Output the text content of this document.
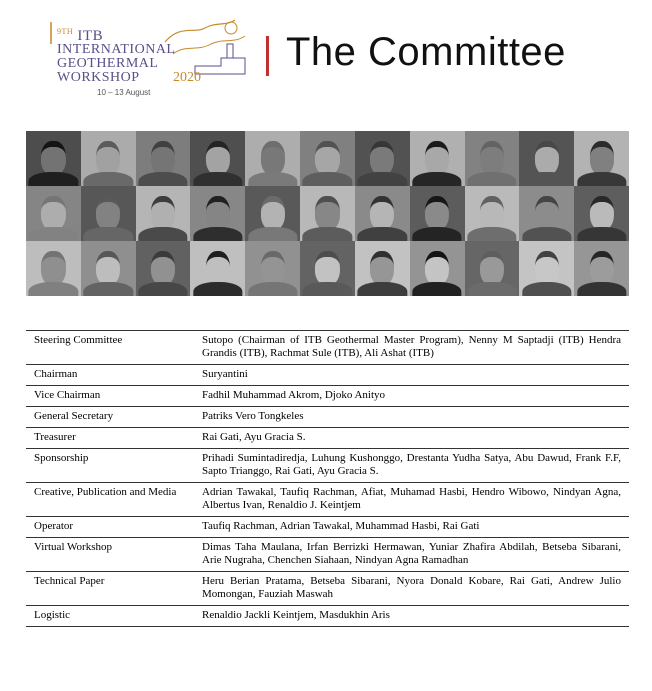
$^{9TH}$ ITB
INTERNATIONAL
GEOTHERMAL
WORKSHOP 2020
10 – 13 August
The Committee
Steering Committee	Sutopo (Chairman of ITB Geothermal Master Program), Nenny M Saptadji (ITB) Hendra Grandis (ITB), Rachmat Sule (ITB), Ali Ashat (ITB)
Chairman	Suryantini
Vice Chairman	Fadhil Muhammad Akrom, Djoko Anityo
General Secretary	Patriks Vero Tongkeles
Treasurer	Rai Gati, Ayu Gracia S.
Sponsorship	Prihadi Sumintadiredja, Luhung Kushonggo, Drestanta Yudha Satya, Abu Dawud, Frank F.F, Sapto Trianggo, Rai Gati, Ayu Gracia S.
Creative, Publication and Media	Adrian Tawakal, Taufiq Rachman, Afiat, Muhamad Hasbi, Hendro Wibowo, Nindyan Agna, Albertus Ivan, Renaldio J. Keintjem
Operator	Taufiq Rachman, Adrian Tawakal, Muhammad Hasbi, Rai Gati
Virtual Workshop	Dimas Taha Maulana, Irfan Berrizki Hermawan, Yuniar Zhafira Abdilah, Betseba Sibarani, Arie Nugraha, Chenchen Siahaan, Nindyan Agna Ramadhan
Technical Paper	Heru Berian Pratama, Betseba Sibarani, Nyora Donald Kobare, Rai Gati, Andrew Julio Momongan, Fauziah Maswah
Logistic	Renaldio Jackli Keintjem, Masdukhin Aris
